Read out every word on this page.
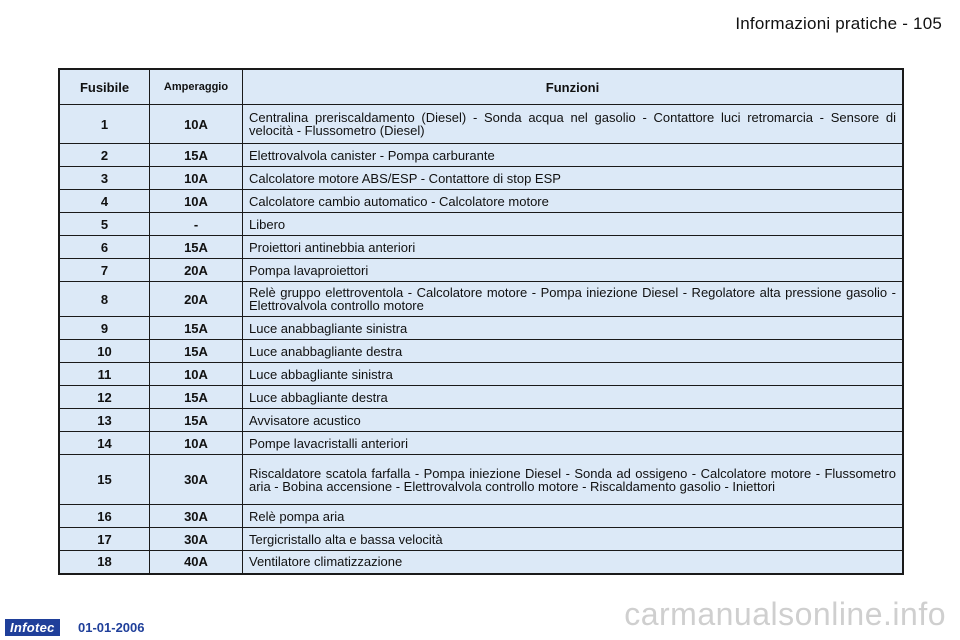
Informazioni pratiche - 105
Fusibile	Amperaggio	Funzioni
1	10A	Centralina preriscaldamento (Diesel) - Sonda acqua nel gasolio - Contattore luci retromarcia - Sensore di velocità - Flussometro (Diesel)
2	15A	Elettrovalvola canister - Pompa carburante
3	10A	Calcolatore motore ABS/ESP - Contattore di stop ESP
4	10A	Calcolatore cambio automatico - Calcolatore motore
5	-	Libero
6	15A	Proiettori antinebbia anteriori
7	20A	Pompa lavaproiettori
8	20A	Relè gruppo elettroventola - Calcolatore motore - Pompa iniezione Diesel - Regolatore alta pressione gasolio - Elettrovalvola controllo motore
9	15A	Luce anabbagliante sinistra
10	15A	Luce anabbagliante destra
11	10A	Luce abbagliante sinistra
12	15A	Luce abbagliante destra
13	15A	Avvisatore acustico
14	10A	Pompe lavacristalli anteriori
15	30A	Riscaldatore scatola farfalla - Pompa iniezione Diesel - Sonda ad ossigeno - Calcolatore motore - Flussometro aria - Bobina accensione - Elettrovalvola controllo motore - Riscaldamento gasolio - Iniettori
16	30A	Relè pompa aria
17	30A	Tergicristallo alta e bassa velocità
18	40A	Ventilatore climatizzazione
Infotec	01-01-2006	carmanualsonline.info
